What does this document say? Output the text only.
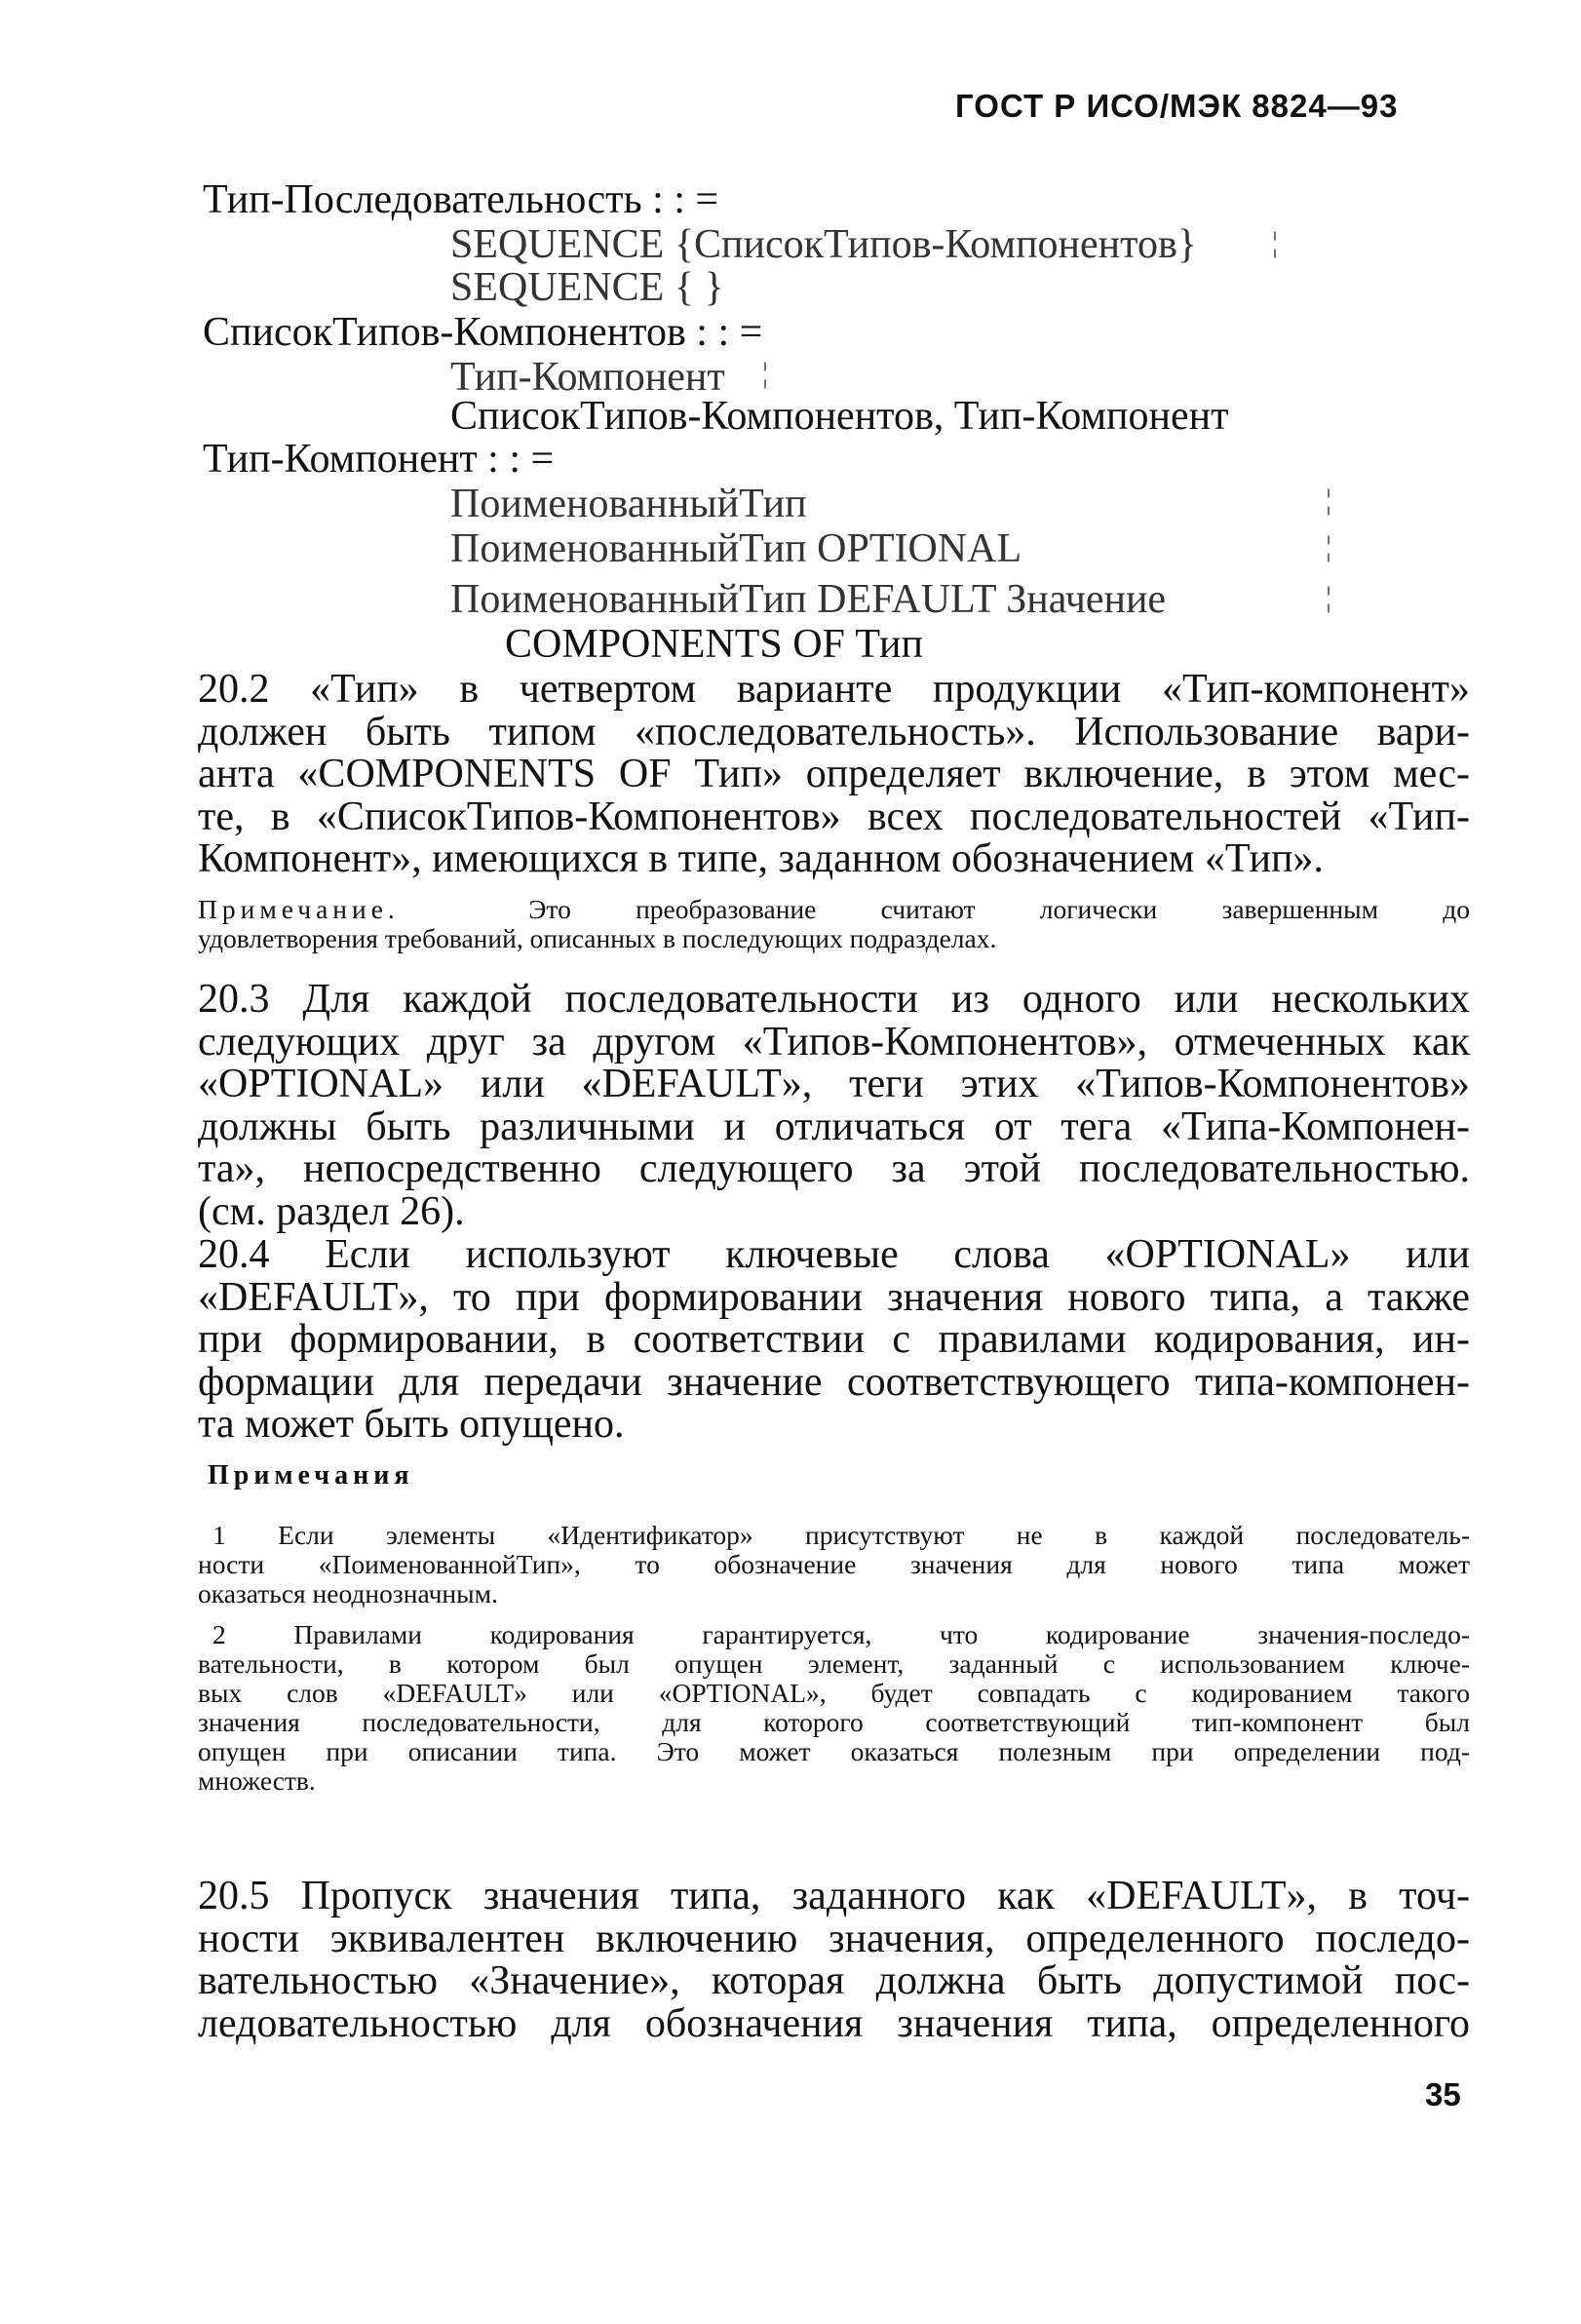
ГОСТ Р ИСО/МЭК 8824—93
Тип-Последовательность : : =
SEQUENCE {СписокТипов-Компонентов}	¦
SEQUENCE { }
СписокТипов-Компонентов : : =
Тип-Компонент ¦
СписокТипов-Компонентов, Тип-Компонент
Тип-Компонент : : =
ПоименованныйТип	¦
ПоименованныйТип OPTIONAL	¦
ПоименованныйТип DEFAULT Значение	¦
COMPONENTS OF Тип
20.2 «Тип» в четвертом варианте продукции «Тип-компонент»
должен быть типом «последовательность». Использование вари-
анта «COMPONENTS OF Тип» определяет включение, в этом мес-
те, в «СписокТипов-Компонентов» всех последовательностей «Тип-
Компонент», имеющихся в типе, заданном обозначением «Тип».
Примечание.	Это преобразование считают логически завершенным до
удовлетворения требований, описанных в последующих подразделах.
20.3 Для каждой последовательности из одного или нескольких
следующих друг за другом «Типов-Компонентов», отмеченных как
«OPTIONAL» или «DEFAULT», теги этих «Типов-Компонентов»
должны быть различными и отличаться от тега «Типа-Компонен-
та», непосредственно следующего за этой последовательностью.
(см. раздел 26).
20.4 Если используют ключевые слова «OPTIONAL» или
«DEFAULT», то при формировании значения нового типа, а также
при формировании, в соответствии с правилами кодирования, ин-
формации для передачи значение соответствующего типа-компонен-
та может быть опущено.
Примечания
1 Если элементы «Идентификатор» присутствуют не в каждой последователь-
ности «ПоименованнойТип», то обозначение значения для нового типа может
оказаться неоднозначным.
2 Правилами кодирования гарантируется, что кодирование значения-последо-
вательности, в котором был опущен элемент, заданный с использованием ключе-
вых слов «DEFAULT» или «OPTIONAL», будет совпадать с кодированием такого
значения последовательности, для которого соответствующий тип-компонент был
опущен при описании типа. Это может оказаться полезным при определении под-
множеств.
20.5 Пропуск значения типа, заданного как «DEFAULT», в точ-
ности эквивалентен включению значения, определенного последо-
вательностью «Значение», которая должна быть допустимой пос-
ледовательностью для обозначения значения типа, определенного
35
